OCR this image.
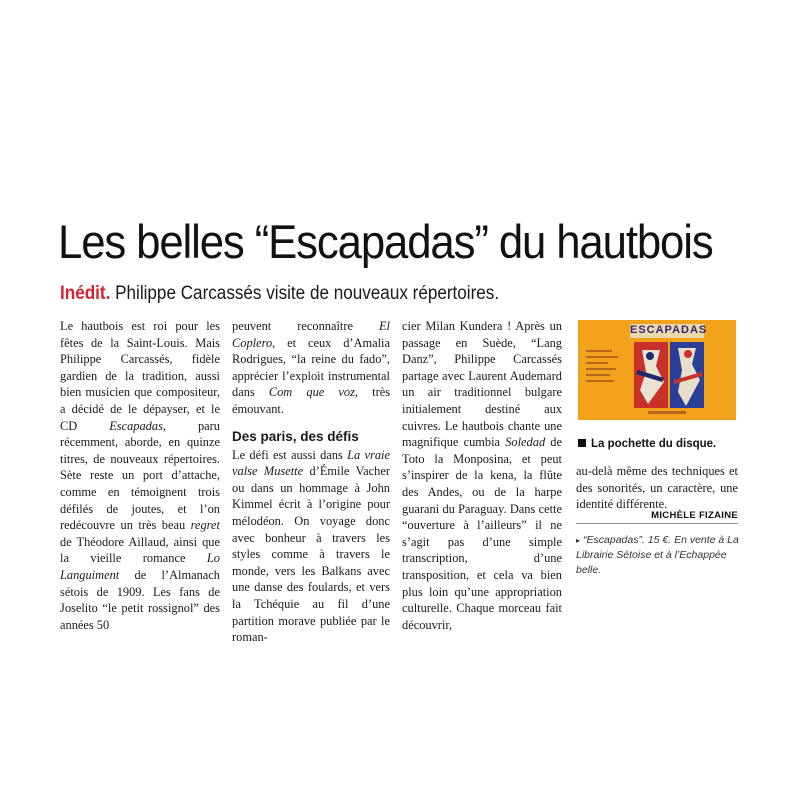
Les belles “Escapadas” du hautbois

Inédit. Philippe Carcassés visite de nouveaux répertoires.

Le hautbois est roi pour les fêtes de la Saint-Louis. Mais Philippe Carcassés, fidèle gardien de la tradition, aussi bien musicien que compositeur, a décidé de le dépayser, et le CD Escapadas, paru récemment, aborde, en quinze titres, de nouveaux répertoires. Sète reste un port d’attache, comme en témoignent trois défilés de joutes, et l’on redécouvre un très beau regret de Théodore Aillaud, ainsi que la vieille romance Lo Languiment de l’Almanach sétois de 1909. Les fans de Joselito “le petit rossignol” des années 50

peuvent reconnaître El Coplero, et ceux d’Amalia Rodrigues, “la reine du fado”, apprécier l’exploit instrumental dans Com que voz, très émouvant.

Des paris, des défis

Le défi est aussi dans La vraie valse Musette d’Émile Vacher ou dans un hommage à John Kimmel écrit à l’origine pour mélodéon. On voyage donc avec bonheur à travers les styles comme à travers le monde, vers les Balkans avec une danse des foulards, et vers la Tchéquie au fil d’une partition morave publiée par le roman-

cier Milan Kundera ! Après un passage en Suède, “Lang Danz”, Philippe Carcassés partage avec Laurent Audemard un air traditionnel bulgare initialement destiné aux cuivres. Le hautbois chante une magnifique cumbia Soledad de Toto la Monposina, et peut s’inspirer de la kena, la flûte des Andes, ou de la harpe guarani du Paraguay. Dans cette “ouverture à l’ailleurs” il ne s’agit pas d’une simple transcription, d’une transposition, et cela va bien plus loin qu’une appropriation culturelle. Chaque morceau fait découvrir,

ESCAPADAS
La pochette du disque.

au-delà même des techniques et des sonorités, un caractère, une identité différente.

MICHÈLE FIZAINE
▸ “Escapadas”. 15 €. En vente à La Librairie Sétoise et à l’Echappée belle.
